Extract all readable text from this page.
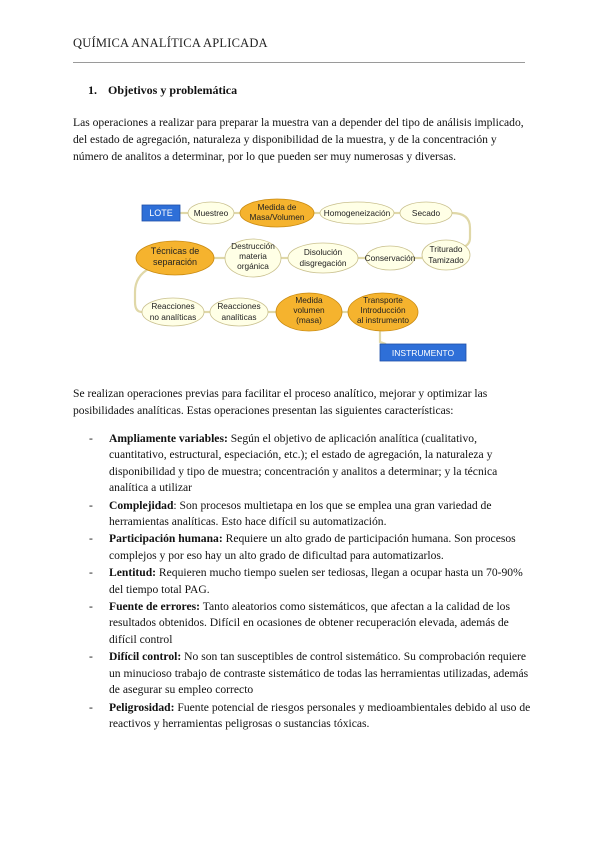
QUÍMICA ANALÍTICA APLICADA
1. Objetivos y problemática
Las operaciones a realizar para preparar la muestra van a depender del tipo de análisis implicado, del estado de agregación, naturaleza y disponibilidad de la muestra, y de la concentración y número de analitos a determinar, por lo que pueden ser muy numerosas y diversas.
LOTE	Muestreo
Medida de
Masa/Volumen Homogeneización	Secado
Técnicas de
separación
Destrucción
materia
orgánica
Disolución
disgregación Conservación
Triturado
Tamizado
Reacciones
no analíticas
Reacciones
analíticas
Medida
volumen
(masa)
Transporte
Introducción
al instrumento
INSTRUMENTO
Se realizan operaciones previas para facilitar el proceso analítico, mejorar y optimizar las posibilidades analíticas. Estas operaciones presentan las siguientes características:
- Ampliamente variables: Según el objetivo de aplicación analítica (cualitativo, cuantitativo, estructural, especiación, etc.); el estado de agregación, la naturaleza y disponibilidad y tipo de muestra; concentración y analitos a determinar; y la técnica analítica a utilizar
- Complejidad: Son procesos multietapa en los que se emplea una gran variedad de herramientas analíticas. Esto hace difícil su automatización.
- Participación humana: Requiere un alto grado de participación humana. Son procesos complejos y por eso hay un alto grado de dificultad para automatizarlos.
- Lentitud: Requieren mucho tiempo suelen ser tediosas, llegan a ocupar hasta un 70-90% del tiempo total PAG.
- Fuente de errores: Tanto aleatorios como sistemáticos, que afectan a la calidad de los resultados obtenidos. Difícil en ocasiones de obtener recuperación elevada, además de difícil control
- Difícil control: No son tan susceptibles de control sistemático. Su comprobación requiere un minucioso trabajo de contraste sistemático de todas las herramientas utilizadas, además de asegurar su empleo correcto
- Peligrosidad: Fuente potencial de riesgos personales y medioambientales debido al uso de reactivos y herramientas peligrosas o sustancias tóxicas.
